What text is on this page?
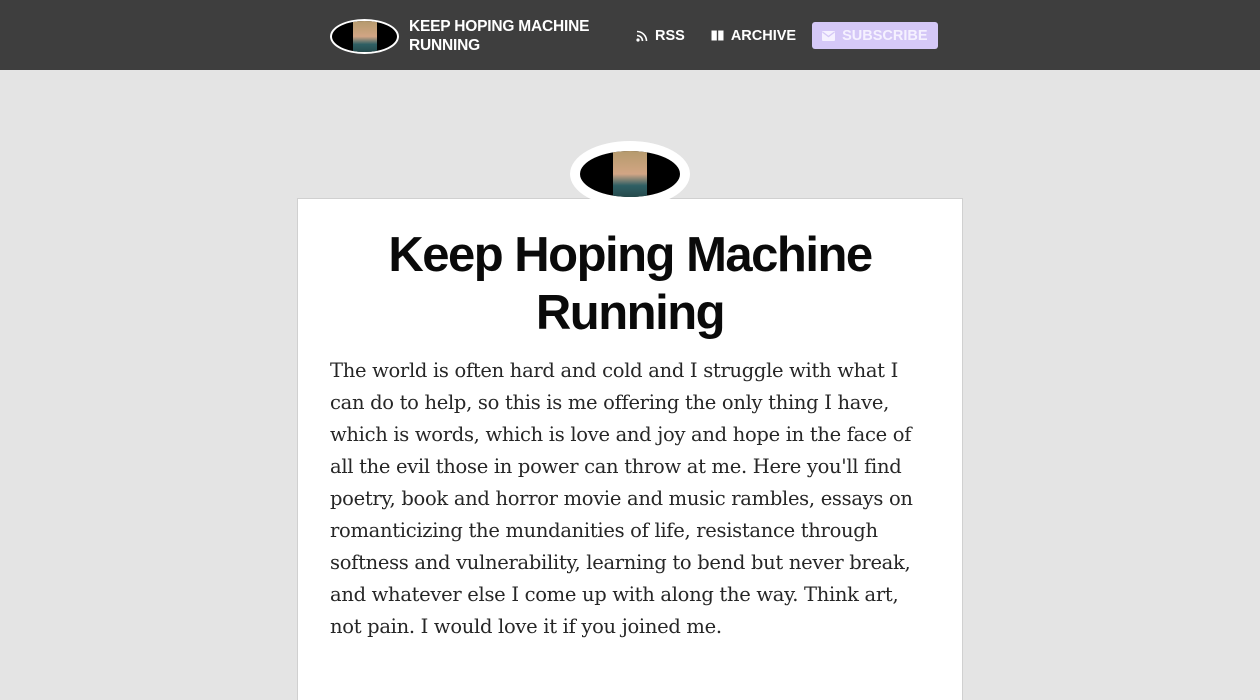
KEEP HOPING MACHINE RUNNING
RSS	ARCHIVE	SUBSCRIBE
Keep Hoping Machine Running

The world is often hard and cold and I struggle with what I can do to help, so this is me offering the only thing I have, which is words, which is love and joy and hope in the face of all the evil those in power can throw at me. Here you'll find poetry, book and horror movie and music rambles, essays on romanticizing the mundanities of life, resistance through softness and vulnerability, learning to bend but never break, and whatever else I come up with along the way. Think art, not pain. I would love it if you joined me.
